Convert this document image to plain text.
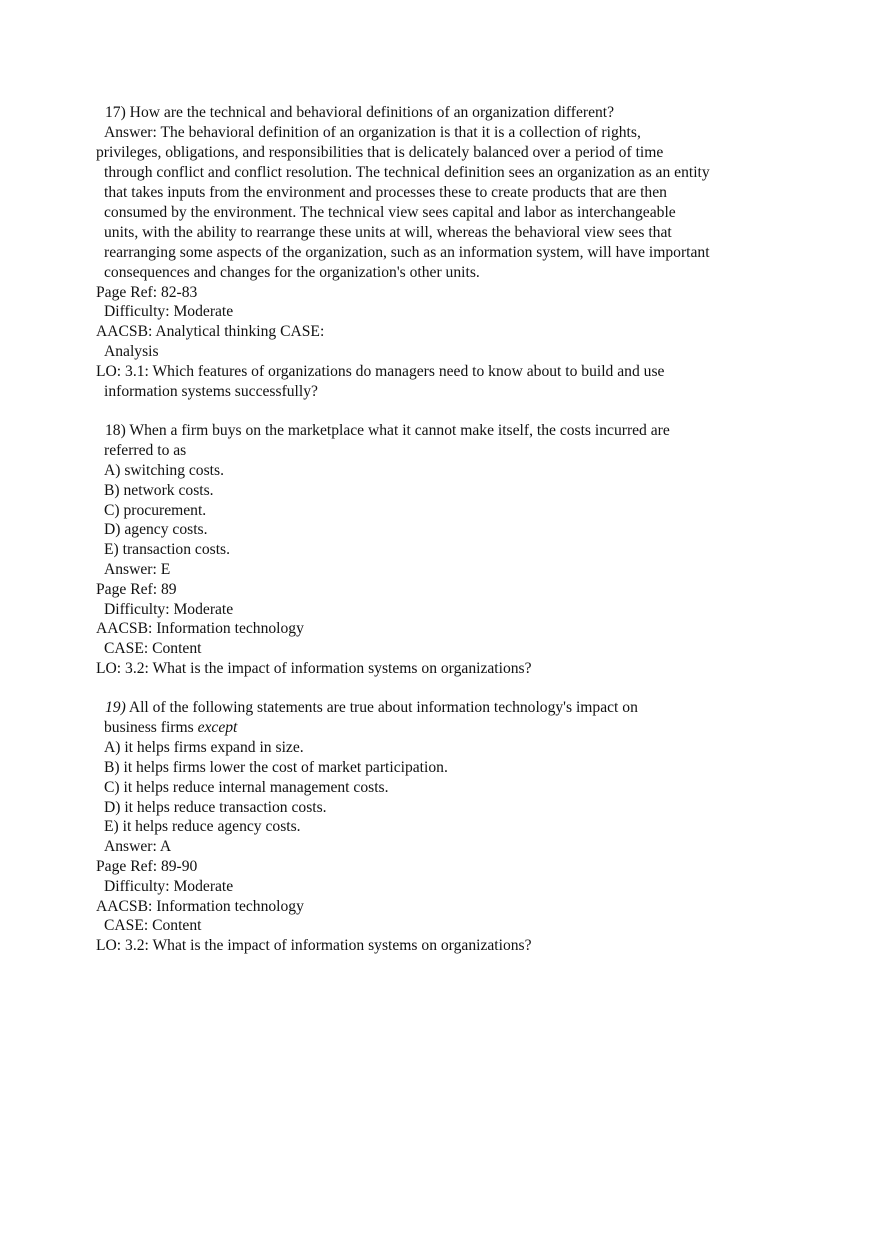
17) How are the technical and behavioral definitions of an organization different?
Answer: The behavioral definition of an organization is that it is a collection of rights,
privileges, obligations, and responsibilities that is delicately balanced over a period of time
through conflict and conflict resolution. The technical definition sees an organization as an entity
that takes inputs from the environment and processes these to create products that are then
consumed by the environment. The technical view sees capital and labor as interchangeable
units, with the ability to rearrange these units at will, whereas the behavioral view sees that
rearranging some aspects of the organization, such as an information system, will have important
consequences and changes for the organization's other units.
Page Ref: 82-83
Difficulty: Moderate
AACSB: Analytical thinking CASE:
Analysis
LO: 3.1: Which features of organizations do managers need to know about to build and use
information systems successfully?
18) When a firm buys on the marketplace what it cannot make itself, the costs incurred are
referred to as
A) switching costs.
B) network costs.
C) procurement.
D) agency costs.
E) transaction costs.
Answer: E
Page Ref: 89
Difficulty: Moderate
AACSB: Information technology
CASE: Content
LO: 3.2: What is the impact of information systems on organizations?
19) All of the following statements are true about information technology's impact on
business firms except
A) it helps firms expand in size.
B) it helps firms lower the cost of market participation.
C) it helps reduce internal management costs.
D) it helps reduce transaction costs.
E) it helps reduce agency costs.
Answer: A
Page Ref: 89-90
Difficulty: Moderate
AACSB: Information technology
CASE: Content
LO: 3.2: What is the impact of information systems on organizations?
